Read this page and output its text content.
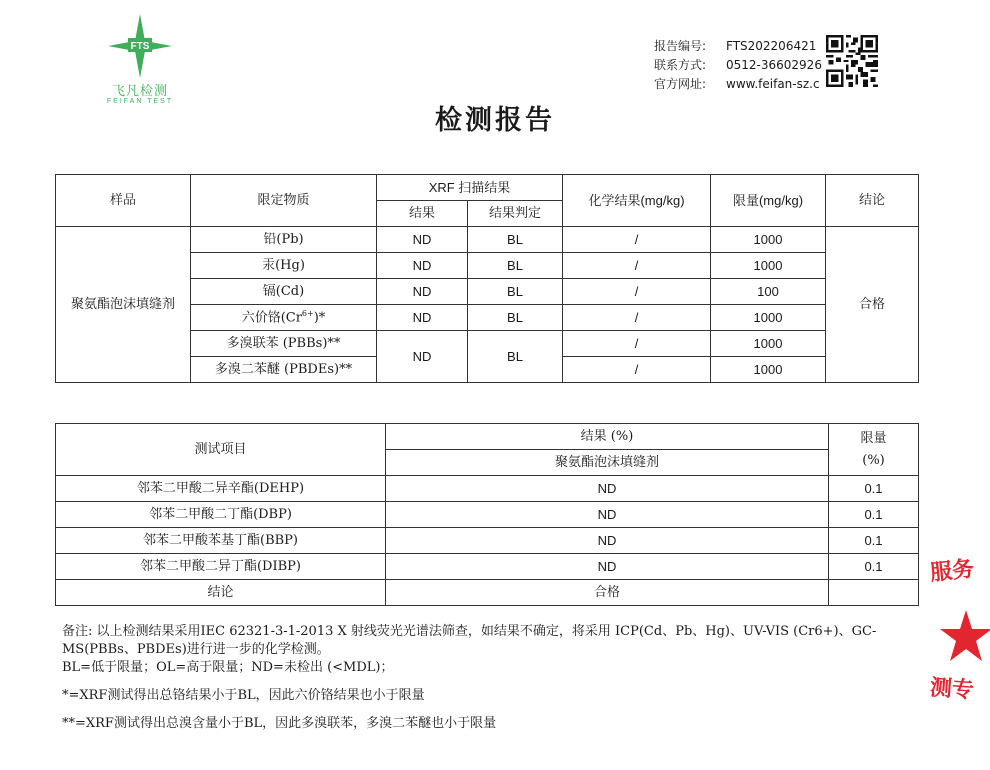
FTS
飞凡检测
FEIFAN TEST
报告编号:	FTS202206421
联系方式:	0512-36602926
官方网址:	www.feifan-sz.c
检测报告
样品	限定物质	XRF 扫描结果		化学结果(mg/kg)	限量(mg/kg)	结论
		结果	结果判定			
聚氨酯泡沫填缝剂	铅(Pb)	ND	BL	/	1000	合格
	汞(Hg)	ND	BL	/	1000	
	镉(Cd)	ND	BL	/	100	
	六价铬$(Cr^{6+})*$	ND	BL	/	1000	
	多溴联苯 (PBBs)**	ND	BL	/	1000	
	多溴二苯醚 (PBDEs)**			/	1000	
测试项目	结果 (%)	限量
(%)

	聚氨酯泡沫填缝剂	
邻苯二甲酸二异辛酯(DEHP)	ND	0.1
邻苯二甲酸二丁酯(DBP)	ND	0.1
邻苯二甲酸苯基丁酯(BBP)	ND	0.1
邻苯二甲酸二异丁酯(DIBP)	ND	0.1
结论	合格	

备注: 以上检测结果采用IEC 62321-3-1-2013 X 射线荧光光谱法筛查，如结果不确定，将采用 ICP(Cd、Pb、Hg)、UV-VIS (Cr6+)、GC-

MS(PBBs、PBDEs)进行进一步的化学检测。

BL=低于限量；OL=高于限量；ND=未检出 (<MDL)；

*=XRF测试得出总铬结果小于BL，因此六价铬结果也小于限量

**=XRF测试得出总溴含量小于BL，因此多溴联苯，多溴二苯醚也小于限量

服务
测专
